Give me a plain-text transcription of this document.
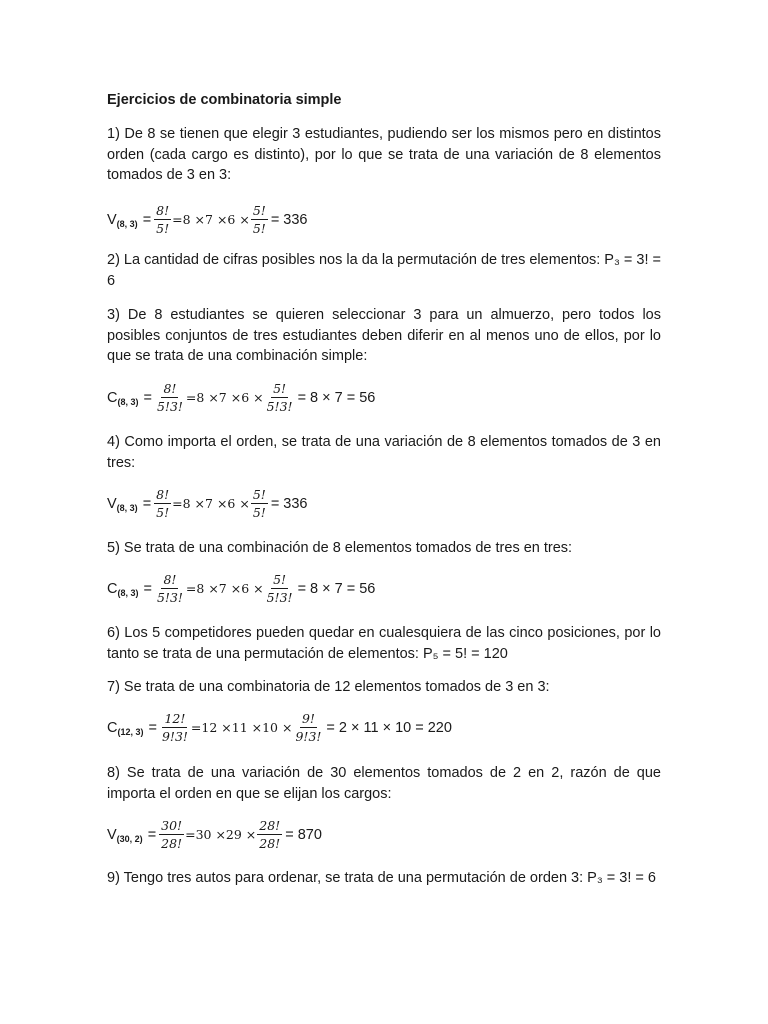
Ejercicios de combinatoria simple
1) De 8 se tienen que elegir 3 estudiantes, pudiendo ser los mismos pero en distintos orden (cada cargo es distinto), por lo que se trata de una variación de 8 elementos tomados de 3 en 3:
V (8, $3) = \frac{8!}{5!} =8 \times 7 \times 6 \times \frac{5!}{5!} = 336$
2) La cantidad de cifras posibles nos la da la permutación de tres elementos: P₃ = 3! = 6
3) De 8 estudiantes se quieren seleccionar 3 para un almuerzo, pero todos los posibles conjuntos de tres estudiantes deben diferir en al menos uno de ellos, por lo que se trata de una combinación simple:
C (8, $3) = \frac{8!}{5!3!} =8 \times 7 \times 6 \times \frac{5!}{5!3!} = 8 \times 7 = 56$
4) Como importa el orden, se trata de una variación de 8 elementos tomados de 3 en tres:
V (8, $3) = \frac{8!}{5!} =8 \times 7 \times 6 \times \frac{5!}{5!} = 336$
5) Se trata de una combinación de 8 elementos tomados de tres en tres:
C (8, $3) = \frac{8!}{5!3!} =8 \times 7 \times 6 \times \frac{5!}{5!3!} = 8 \times 7 = 56$
6) Los 5 competidores pueden quedar en cualesquiera de las cinco posiciones, por lo tanto se trata de una permutación de elementos: P₅ = 5! = 120
7) Se trata de una combinatoria de 12 elementos tomados de 3 en 3:
C (12, $3) = \frac{12!}{9!3!} =12 \times 11 \times 10 \times \frac{9!}{9!3!} = 2 \times 11 \times 10 = 220$
8) Se trata de una variación de 30 elementos tomados de 2 en 2, razón de que importa el orden en que se elijan los cargos:
V (30, $2) = \frac{30!}{28!} =30 \times 29 \times \frac{28!}{28!} = 870$
9) Tengo tres autos para ordenar, se trata de una permutación de orden 3: P₃ = 3! = 6
